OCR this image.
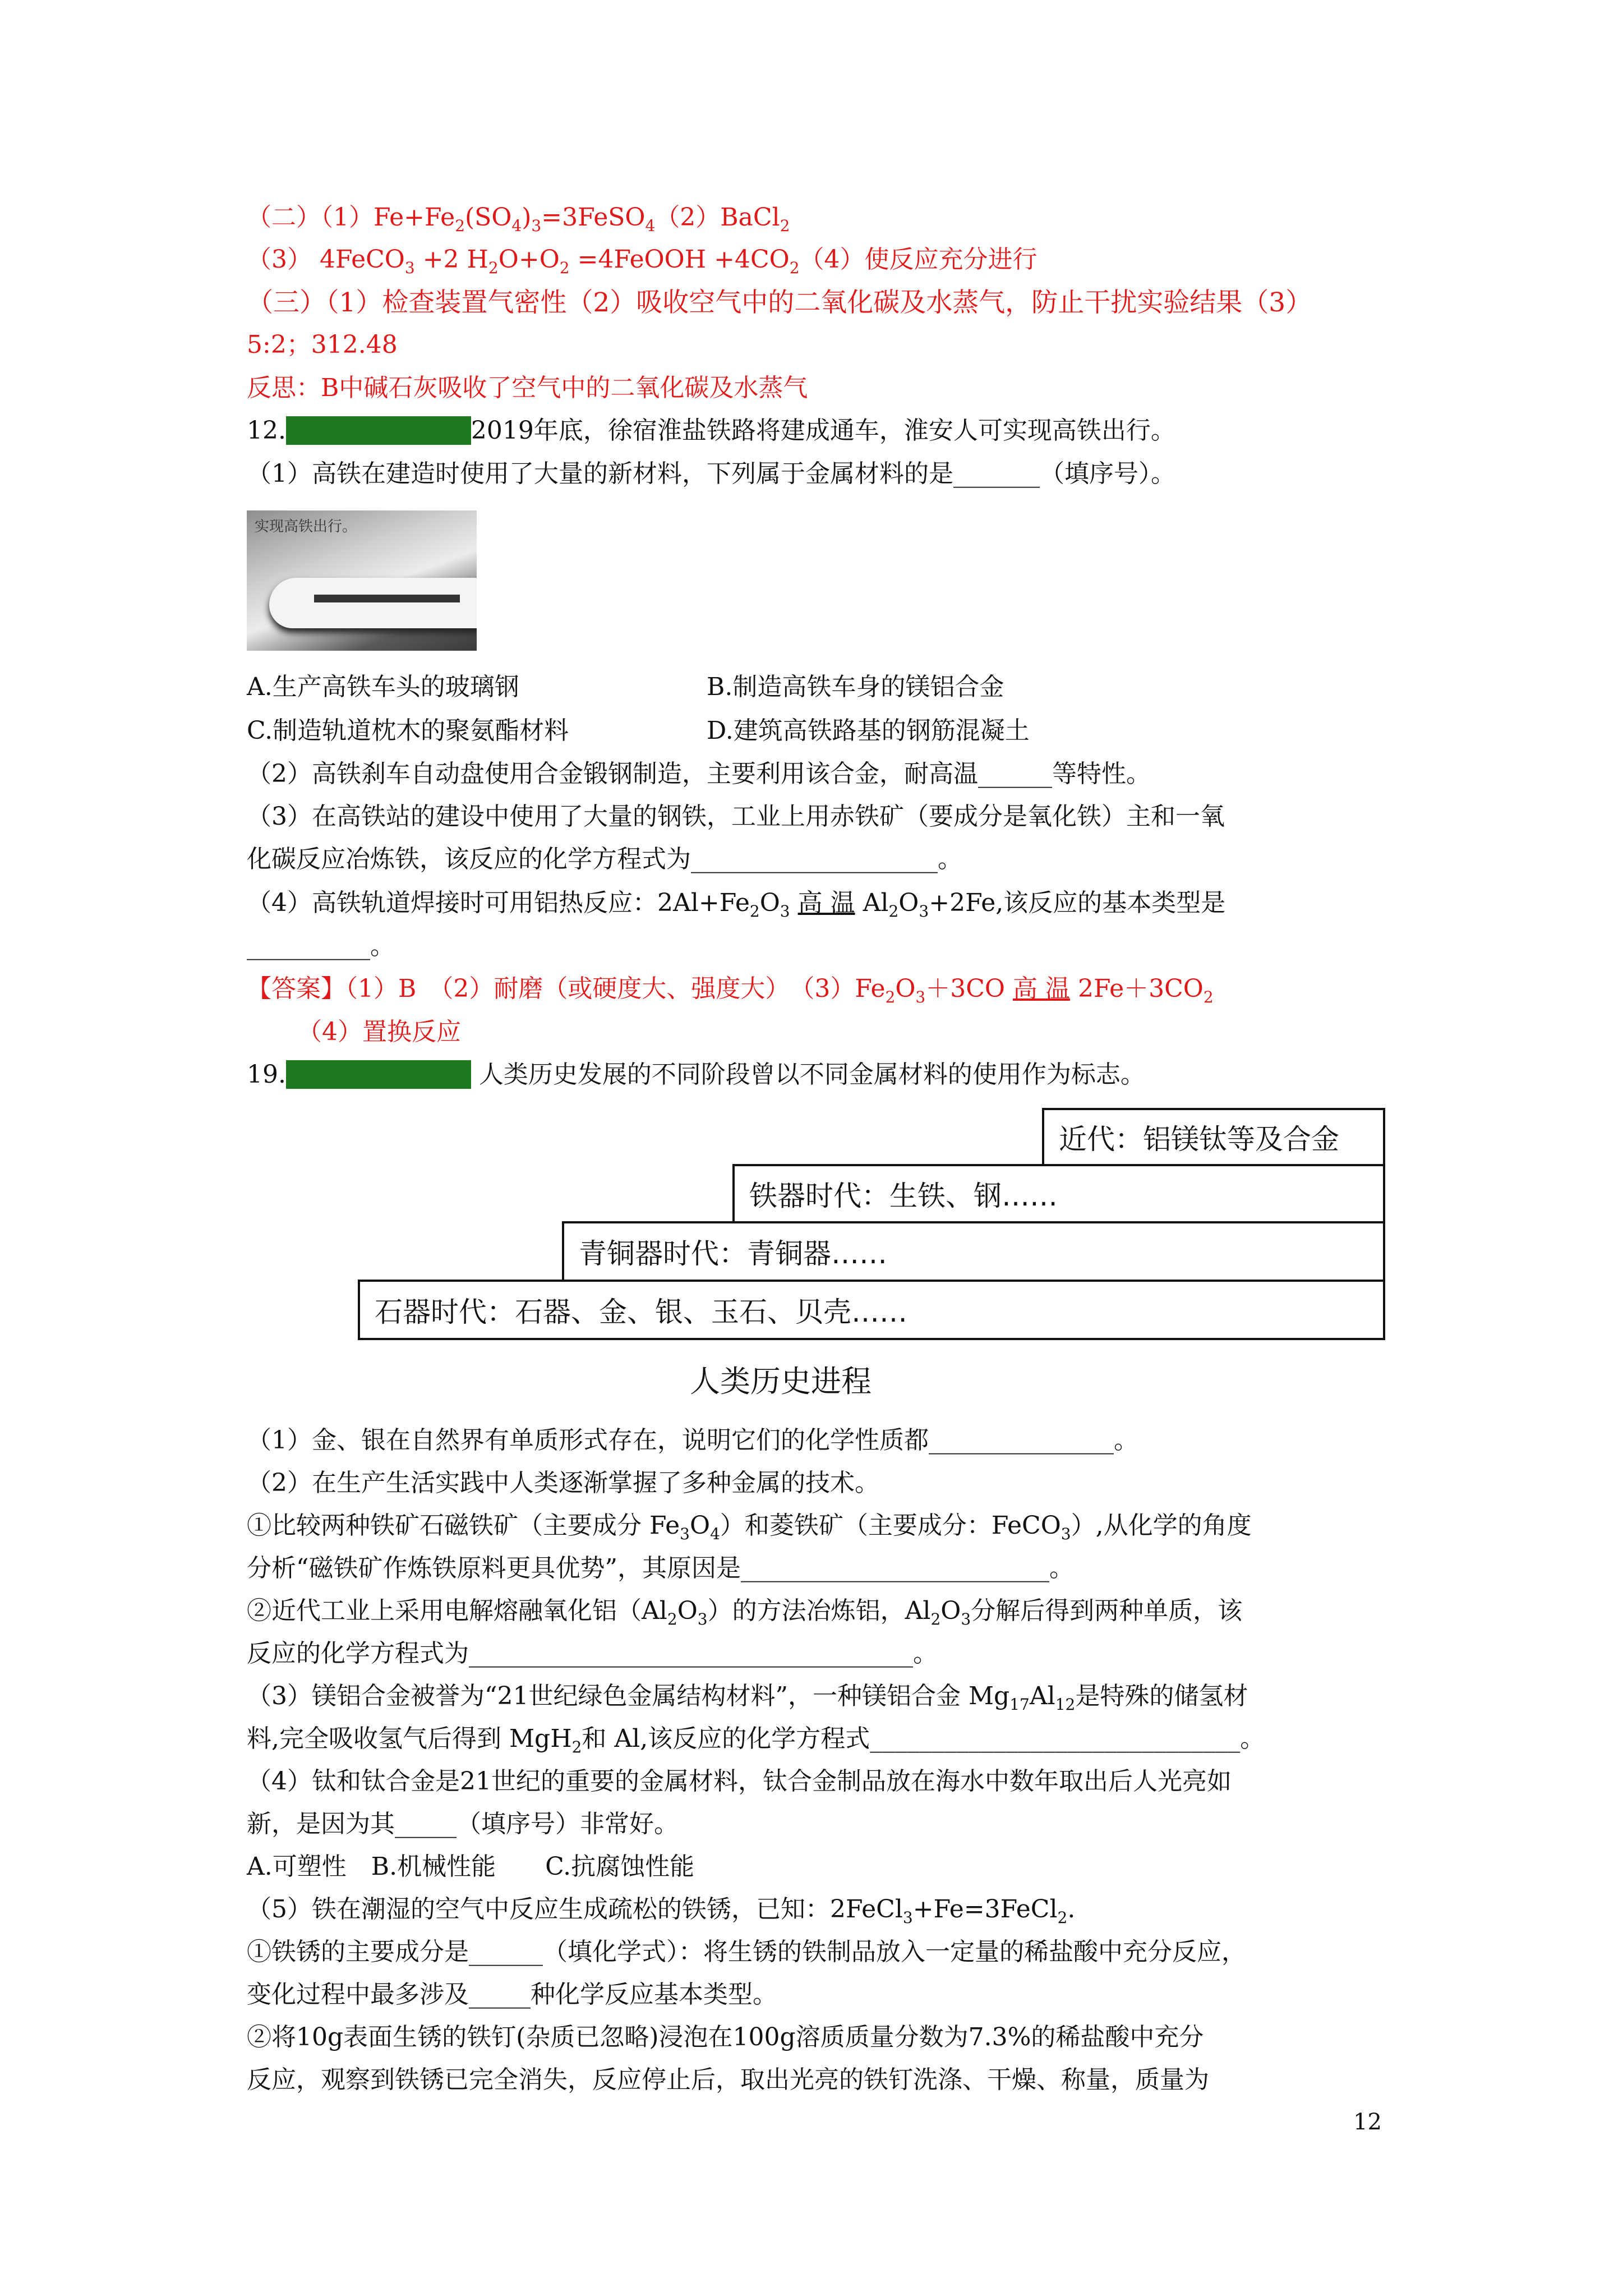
（二）$(1)Fe+Fe_2(SO_4)_3=3FeSO_4(2)BaCl_2$
（3） 4FeCO$_3$ +2 $H_2O+O_2$ =4FeOOH $+4CO_2(4)$使反应充分进行
（三）（1）检查装置气密性（2）吸收空气中的二氧化碳及水蒸气，防止干扰实验结果（3）
5:2；312.48
反思：B中碱石灰吸收了空气中的二氧化碳及水蒸气
12. （2019•淮安） 2019年底，徐宿淮盐铁路将建成通车，淮安人可实现高铁出行。
（1）高铁在建造时使用了大量的新材料，下列属于金属材料的是_______（填序号）。
实现高铁出行。
A.生产高铁车头的玻璃钢	B.制造高铁车身的镁铝合金
C.制造轨道枕木的聚氨酯材料	D.建筑高铁路基的钢筋混凝土
（2）高铁刹车自动盘使用合金锻钢制造，主要利用该合金，耐高温______等特性。
（3）在高铁站的建设中使用了大量的钢铁，工业上用赤铁矿（要成分是氧化铁）主和一氧
化碳反应冶炼铁，该反应的化学方程式为____________________。
（4）高铁轨道焊接时可用铝热反应：$2Al+Fe_2O_3$ 高 温 $Al_2O_3+2Fe$,该反应的基本类型是
__________。
【答案】（1）B　（2）耐磨（或硬度大、强度大）　$(3)Fe_2O_3+3CO$ 高 温 $2Fe+3CO_2$
（4）置换反应
19. （2019•盐城） 人类历史发展的不同阶段曾以不同金属材料的使用作为标志。
近代：铝镁钛等及合金
铁器时代：生铁、钢……
青铜器时代：青铜器……
石器时代：石器、金、银、玉石、贝壳……
人类历史进程
（1）金、银在自然界有单质形式存在，说明它们的化学性质都_______________。
（2）在生产生活实践中人类逐渐掌握了多种金属的技术。
①比较两种铁矿石磁铁矿（主要成分 $Fe_3O_4$）和菱铁矿（主要成分：FeCO$_3$）,从化学的角度
分析“磁铁矿作炼铁原料更具优势”，其原因是_________________________。
②近代工业上采用电解熔融氧化铝$(Al_2O_3)$的方法冶炼铝，$Al_2O_3$分解后得到两种单质，该
反应的化学方程式为____________________________________。
（3）镁铝合金被誉为“21世纪绿色金属结构材料”，一种镁铝合金 $Mg_{17}Al_{12}$是特殊的储氢材
料,完全吸收氢气后得到 MgH$_2$和 Al,该反应的化学方程式______________________________。
（4）钛和钛合金是21世纪的重要的金属材料，钛合金制品放在海水中数年取出后人光亮如
新，是因为其_____（填序号）非常好。
A.可塑性　B.机械性能　　C.抗腐蚀性能
（5）铁在潮湿的空气中反应生成疏松的铁锈，已知：2FeCl$_3$+Fe=3FeCl$_2$.
①铁锈的主要成分是______（填化学式）：将生锈的铁制品放入一定量的稀盐酸中充分反应，
变化过程中最多涉及_____种化学反应基本类型。
②将10g表面生锈的铁钉(杂质已忽略)浸泡在100g溶质质量分数为7.3%的稀盐酸中充分
反应，观察到铁锈已完全消失，反应停止后，取出光亮的铁钉洗涤、干燥、称量，质量为
12
